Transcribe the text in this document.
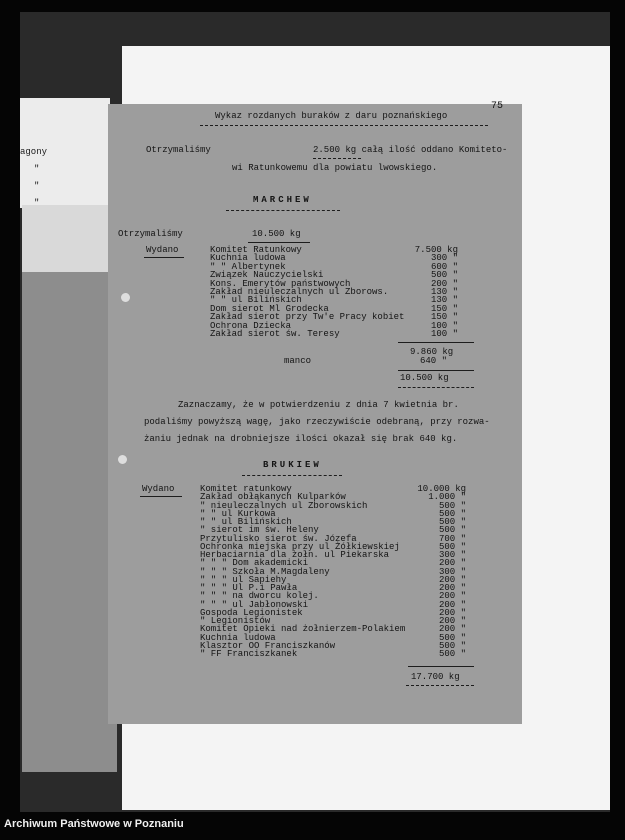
agony
"
"
"
75
Wykaz rozdanych buraków z daru poznańskiego
Otrzymaliśmy	2.500 kg całą ilość oddano Komiteto-
wi Ratunkowemu dla powiatu lwowskiego.
MARCHEW
Otrzymaliśmy	10.500 kg
Wydano	Komitet Ratunkowy	7.500 kg
Kuchnia ludowa	300 "
" " Albertynek	600 "
Związek Nauczycielski	500 "
Kons. Emerytów państwowych	200 "
Zakład nieuleczalnych ul Zborows.	130 "
" " ul Bilińskich	130 "
Dom sierot Ml Grodecka	150 "
Zakład sierot przy Tw'e Pracy kobiet	150 "
Ochrona Dziecka	100 "
Zakład sierot św. Teresy	100 "
9.860 kg
manco	640 "
10.500 kg
Zaznaczamy, że w potwierdzeniu z dnia 7 kwietnia br.
podaliśmy powyższą wagę, jako rzeczywiście odebraną, przy rozwa-
żaniu jednak na drobniejsze ilości okazał się brak 640 kg.
BRUKIEW
Wydano	Komitet ratunkowy	10.000 kg
Zakład obłąkanych Kulparków	1.000 "
" nieuleczalnych ul Zborowskich	500 "
" " ul Kurkowa	500 "
" " ul Bilińskich	500 "
" sierot im św. Heleny	500 "
Przytulisko sierot św. Józefa	700 "
Ochronka miejska przy ul Żółkiewskiej	500 "
Herbaciarnia dla żołn. ul Piekarska	300 "
" " " Dom akademicki	200 "
" " " Szkoła M.Magdaleny	300 "
" " " ul Sapiehy	200 "
" " " Ul P.i Pawła	200 "
" " " na dworcu kolej.	200 "
" " " ul Jabłonowski	200 "
Gospoda Legionistek	200 "
" Legionistów	200 "
Komitet Opieki nad żołnierzem-Polakiem	200 "
Kuchnia ludowa	500 "
Klasztor OO Franciszkanów	500 "
" FF Franciszkanek	500 "
17.700 kg
Archiwum Państwowe w Poznaniu
